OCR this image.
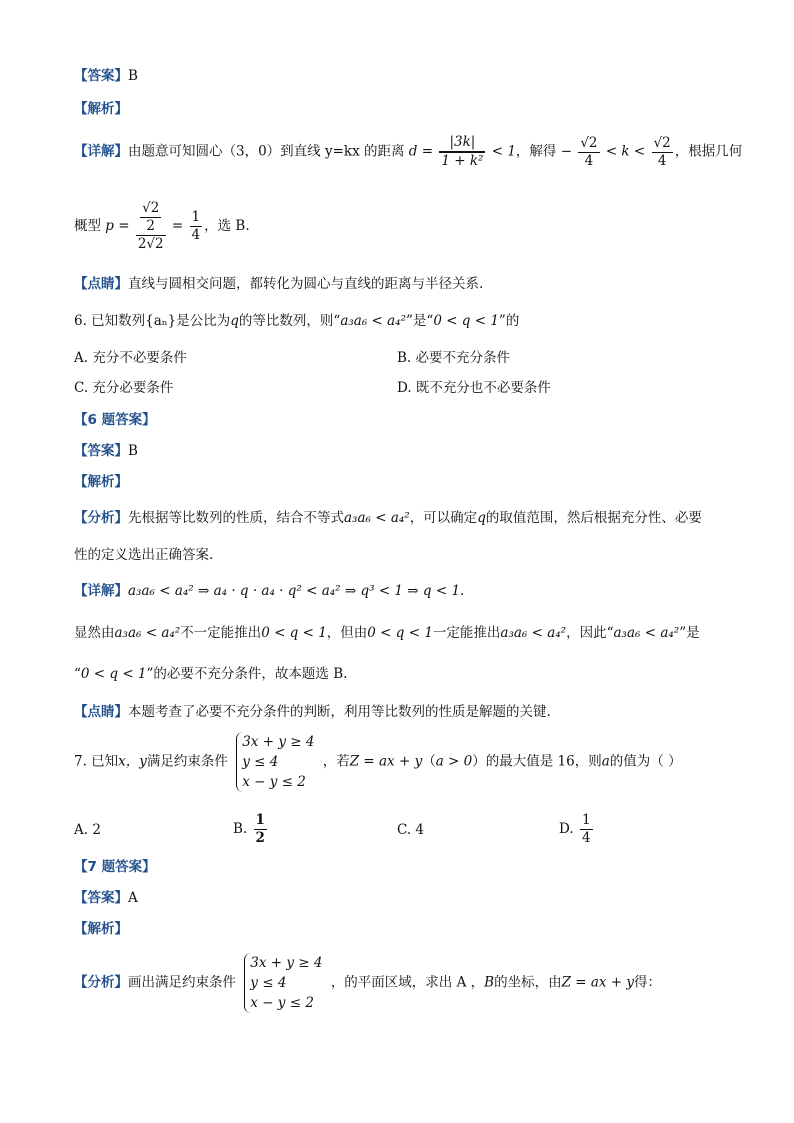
【答案】B
【解析】
【详解】由题意可知圆心（3，0）到直线 y=kx 的距离 $d = \frac{|3k|}{\text{1 + k²}} < 1$，解得 − $\frac{√2}{4} < k < \frac{√2}{4}$ ，根据几何
概型 $p = \frac{\frac{√2}{2}}{2√2} = \frac{1}{4}$ ，选 B.
【点睛】直线与圆相交问题，都转化为圆心与直线的距离与半径关系.
6. 已知数列{aₙ}是公比为q的等比数列，则“a₃a₆ < a₄²”是“0 < q < 1”的
A. 充分不必要条件	B. 必要不充分条件
C. 充分必要条件	D. 既不充分也不必要条件
【6 题答案】
【答案】B
【解析】
【分析】先根据等比数列的性质，结合不等式a₃a₆ < a₄²，可以确定q的取值范围，然后根据充分性、必要
性的定义选出正确答案.
【详解】a₃a₆ < a₄² ⇒ a₄ · q · a₄ · q² < a₄² ⇒ q³ < 1 ⇒ q < 1.
显然由a₃a₆ < a₄²不一定能推出0 < q < 1，但由0 < q < 1一定能推出a₃a₆ < a₄²，因此“a₃a₆ < a₄²”是
“0 < q < 1”的必要不充分条件，故本题选 B.
【点睛】本题考查了必要不充分条件的判断，利用等比数列的性质是解题的关键.
7. 已知x，y满足约束条件
3x + y ≥ 4
y ≤ 4
x − y ≤ 2
，若Z = ax + y（a > 0）的最大值是 16，则a的值为（ ）
A. 2	B. $\frac{1}{2}$	C. 4	D. $\frac{1}{4}$
【7 题答案】
【答案】A
【解析】
【分析】画出满足约束条件
3x + y ≥ 4
y ≤ 4
x − y ≤ 2
，的平面区域，求出 A ，B的坐标，由Z = ax + y得：
